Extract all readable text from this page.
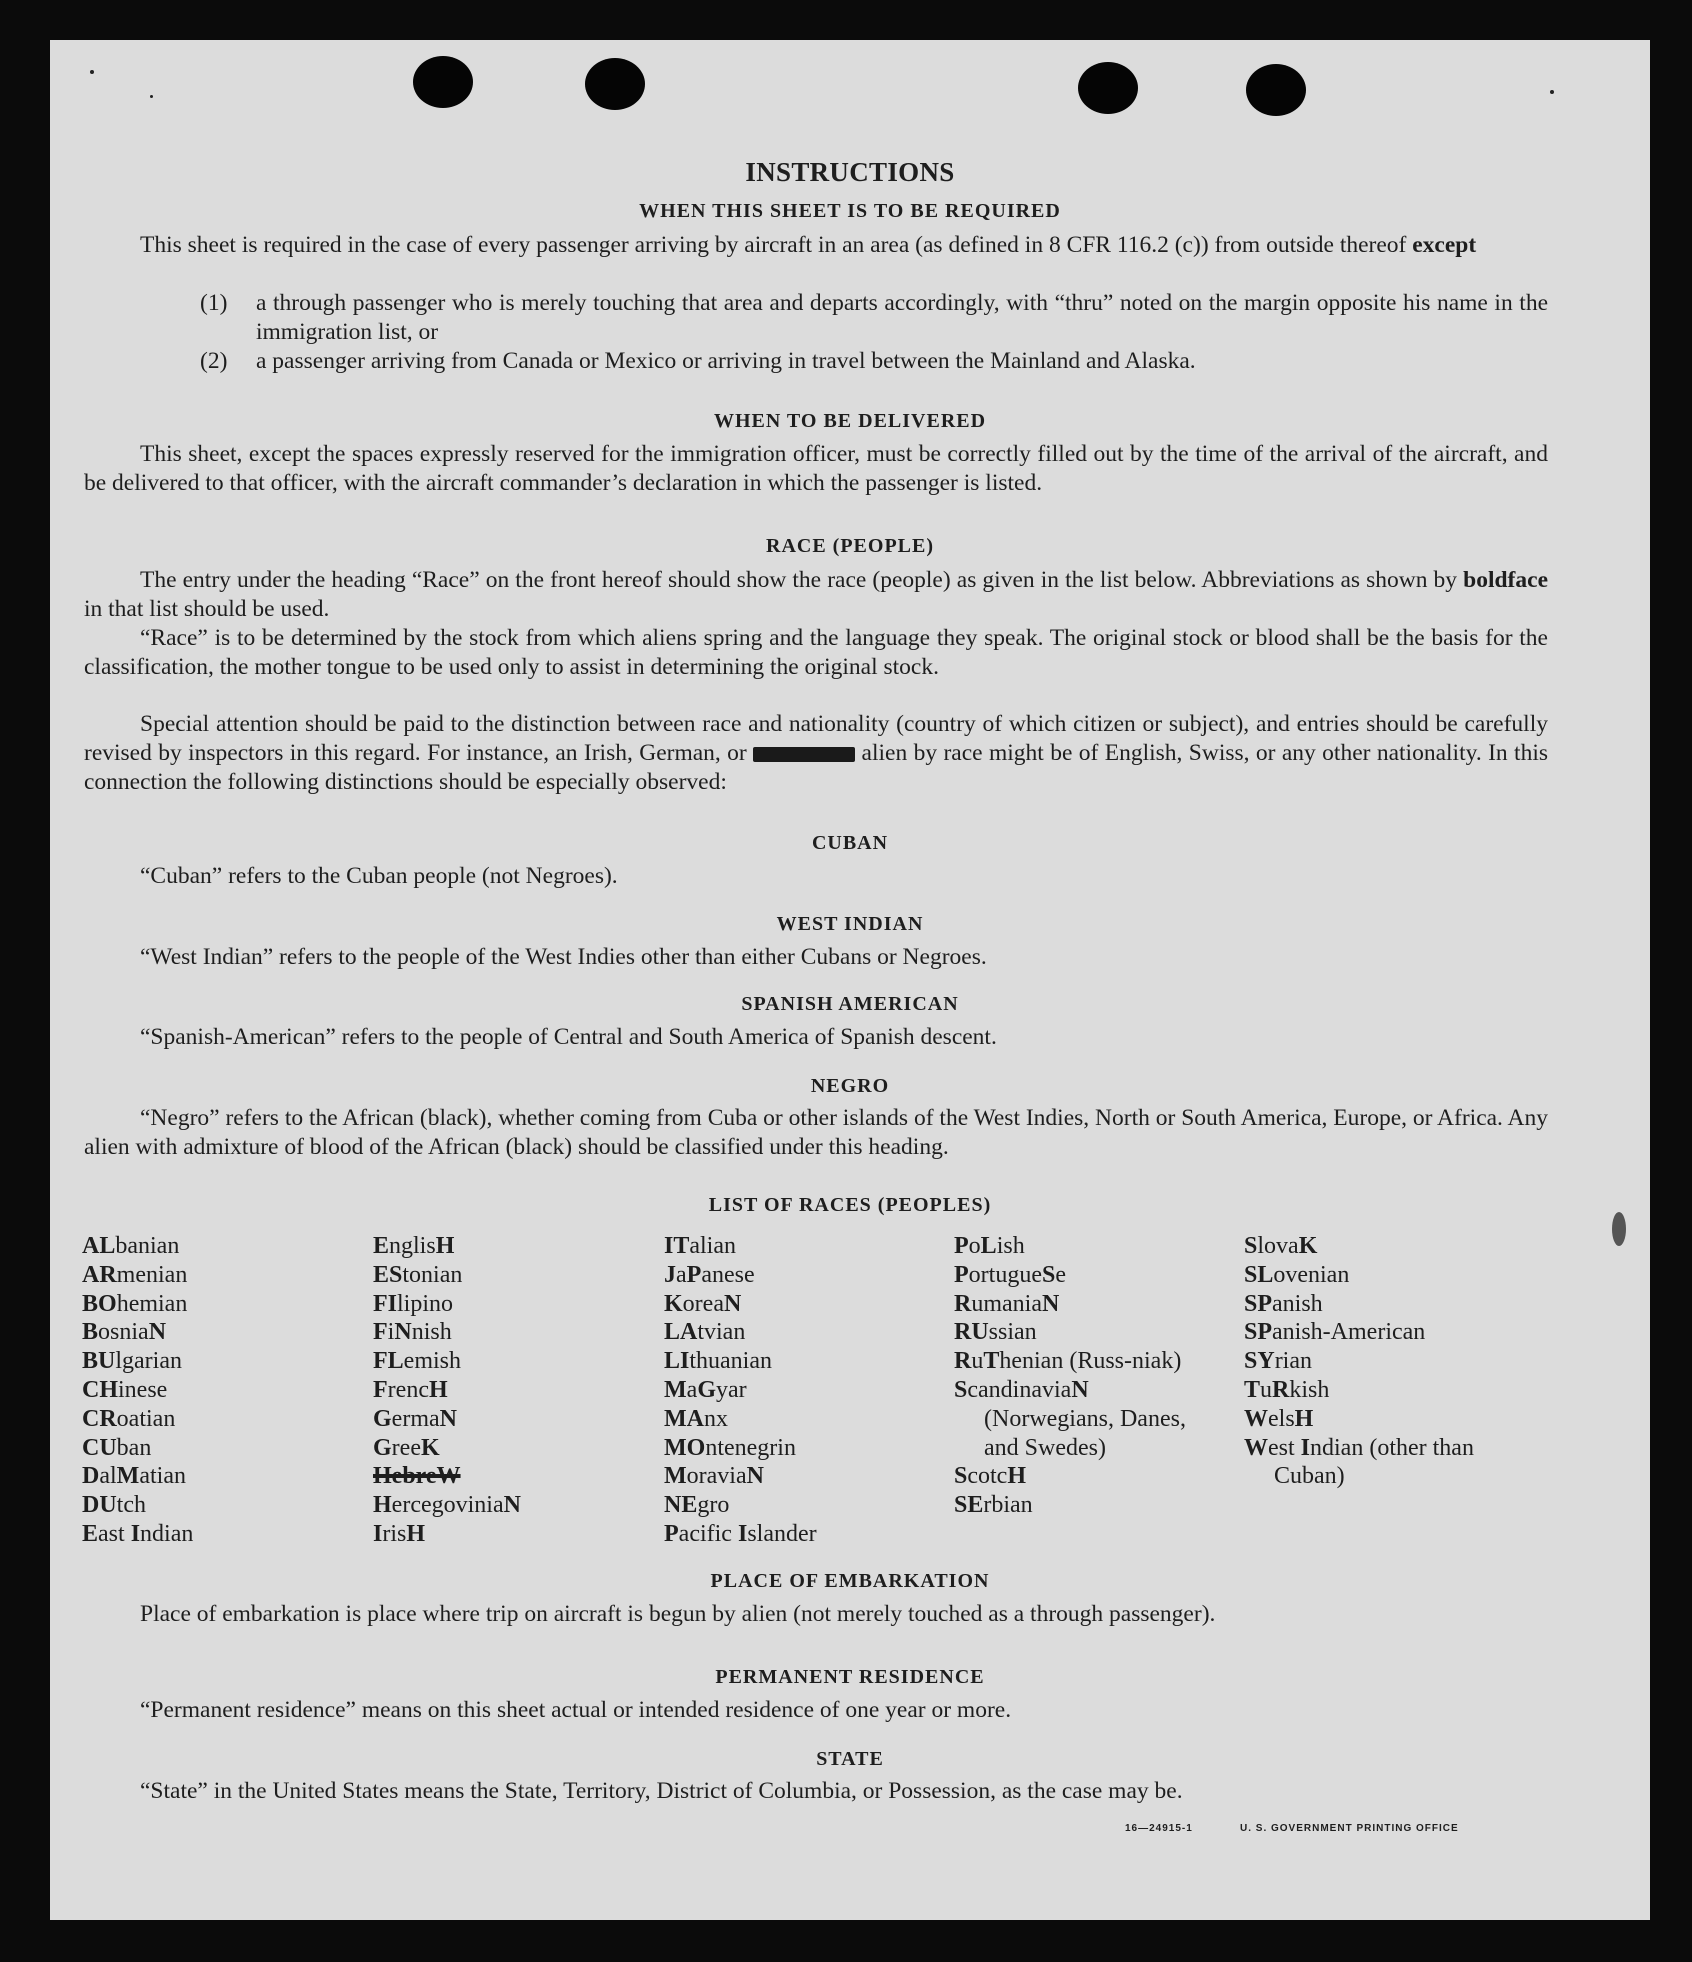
INSTRUCTIONS
WHEN THIS SHEET IS TO BE REQUIRED

This sheet is required in the case of every passenger arriving by aircraft in an area (as defined in 8 CFR 116.2 (c)) from outside thereof except

(1) a through passenger who is merely touching that area and departs accordingly, with “thru” noted on the margin opposite his name in the immigration list, or
(2) a passenger arriving from Canada or Mexico or arriving in travel between the Mainland and Alaska.
WHEN TO BE DELIVERED

This sheet, except the spaces expressly reserved for the immigration officer, must be correctly filled out by the time of the arrival of the aircraft, and be delivered to that officer, with the aircraft commander’s declaration in which the passenger is listed.

RACE (PEOPLE)

The entry under the heading “Race” on the front hereof should show the race (people) as given in the list below. Abbreviations as shown by boldface in that list should be used.

“Race” is to be determined by the stock from which aliens spring and the language they speak. The original stock or blood shall be the basis for the classification, the mother tongue to be used only to assist in determining the original stock.

Special attention should be paid to the distinction between race and nationality (country of which citizen or subject), and entries should be carefully revised by inspectors in this regard. For instance, an Irish, German, or	alien by race might be of English, Swiss, or any other nationality. In this connection the following distinctions should be especially observed:

CUBAN

“Cuban” refers to the Cuban people (not Negroes).

WEST INDIAN

“West Indian” refers to the people of the West Indies other than either Cubans or Negroes.

SPANISH AMERICAN

“Spanish-American” refers to the people of Central and South America of Spanish descent.

NEGRO

“Negro” refers to the African (black), whether coming from Cuba or other islands of the West Indies, North or South America, Europe, or Africa. Any alien with admixture of blood of the African (black) should be classified under this heading.

LIST OF RACES (PEOPLES)
ALbanian
ARmenian
BOhemian
BosniaN
BUlgarian
CHinese
CRoatian
CUban
DalMatian
DUtch
East Indian
EnglisH
EStonian
FIlipino
FiNnish
FLemish
FrencH
GermaN
GreeK
HebreW
HercegoviniaN
IrisH
ITalian
JaPanese
KoreaN
LAtvian
LIthuanian
MaGyar
MAnx
MOntenegrin
MoraviaN
NEgro
Pacific Islander
PoLish
PortugueSe
RumaniaN
RUssian
RuThenian (Russ-niak)
ScandinaviaN (Norwegians, Danes, and Swedes)
ScotcH
SErbian
SlovaK
SLovenian
SPanish
SPanish-American
SYrian
TuRkish
WelsH
West Indian (other than Cuban)
PLACE OF EMBARKATION

Place of embarkation is place where trip on aircraft is begun by alien (not merely touched as a through passenger).

PERMANENT RESIDENCE

“Permanent residence” means on this sheet actual or intended residence of one year or more.

STATE

“State” in the United States means the State, Territory, District of Columbia, or Possession, as the case may be.

16—24915-1	U. S. GOVERNMENT PRINTING OFFICE
